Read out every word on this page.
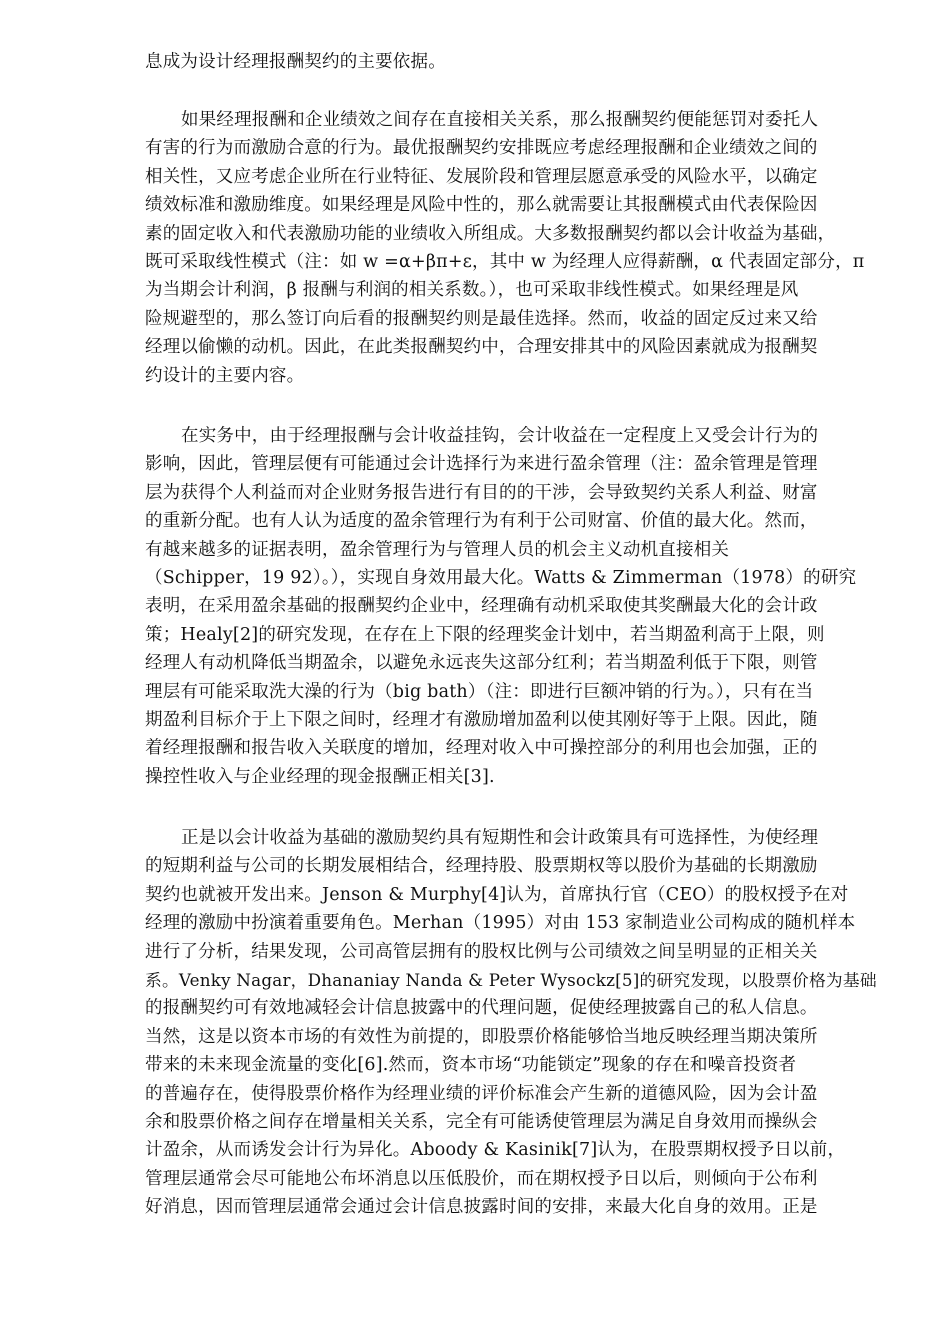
息成为设计经理报酬契约的主要依据。
如果经理报酬和企业绩效之间存在直接相关关系，那么报酬契约便能惩罚对委托人
有害的行为而激励合意的行为。最优报酬契约安排既应考虑经理报酬和企业绩效之间的
相关性，又应考虑企业所在行业特征、发展阶段和管理层愿意承受的风险水平，以确定
绩效标准和激励维度。如果经理是风险中性的，那么就需要让其报酬模式由代表保险因
素的固定收入和代表激励功能的业绩收入所组成。大多数报酬契约都以会计收益为基础，
既可采取线性模式（注：如 w =α+βπ+ε，其中 w 为经理人应得薪酬，α 代表固定部分，π
为当期会计利润，β 报酬与利润的相关系数。），也可采取非线性模式。如果经理是风
险规避型的，那么签订向后看的报酬契约则是最佳选择。然而，收益的固定反过来又给
经理以偷懒的动机。因此，在此类报酬契约中，合理安排其中的风险因素就成为报酬契
约设计的主要内容。
在实务中，由于经理报酬与会计收益挂钩，会计收益在一定程度上又受会计行为的
影响，因此，管理层便有可能通过会计选择行为来进行盈余管理（注：盈余管理是管理
层为获得个人利益而对企业财务报告进行有目的的干涉，会导致契约关系人利益、财富
的重新分配。也有人认为适度的盈余管理行为有利于公司财富、价值的最大化。然而，
有越来越多的证据表明，盈余管理行为与管理人员的机会主义动机直接相关
（Schipper，19 92）。），实现自身效用最大化。Watts & Zimmerman（1978）的研究
表明，在采用盈余基础的报酬契约企业中，经理确有动机采取使其奖酬最大化的会计政
策；Healy[2]的研究发现，在存在上下限的经理奖金计划中，若当期盈利高于上限，则
经理人有动机降低当期盈余，以避免永远丧失这部分红利；若当期盈利低于下限，则管
理层有可能采取洗大澡的行为（big bath）（注：即进行巨额冲销的行为。），只有在当
期盈利目标介于上下限之间时，经理才有激励增加盈利以使其刚好等于上限。因此，随
着经理报酬和报告收入关联度的增加，经理对收入中可操控部分的利用也会加强，正的
操控性收入与企业经理的现金报酬正相关[3].
正是以会计收益为基础的激励契约具有短期性和会计政策具有可选择性，为使经理
的短期利益与公司的长期发展相结合，经理持股、股票期权等以股价为基础的长期激励
契约也就被开发出来。Jenson & Murphy[4]认为，首席执行官（CEO）的股权授予在对
经理的激励中扮演着重要角色。Merhan（1995）对由 153 家制造业公司构成的随机样本
进行了分析，结果发现，公司高管层拥有的股权比例与公司绩效之间呈明显的正相关关
系。Venky Nagar，Dhananiay Nanda & Peter Wysockz[5]的研究发现，以股票价格为基础
的报酬契约可有效地减轻会计信息披露中的代理问题，促使经理披露自己的私人信息。
当然，这是以资本市场的有效性为前提的，即股票价格能够恰当地反映经理当期决策所
带来的未来现金流量的变化[6].然而，资本市场“功能锁定”现象的存在和噪音投资者
的普遍存在，使得股票价格作为经理业绩的评价标准会产生新的道德风险，因为会计盈
余和股票价格之间存在增量相关关系，完全有可能诱使管理层为满足自身效用而操纵会
计盈余，从而诱发会计行为异化。Aboody & Kasinik[7]认为，在股票期权授予日以前，
管理层通常会尽可能地公布坏消息以压低股价，而在期权授予日以后，则倾向于公布利
好消息，因而管理层通常会通过会计信息披露时间的安排，来最大化自身的效用。正是
